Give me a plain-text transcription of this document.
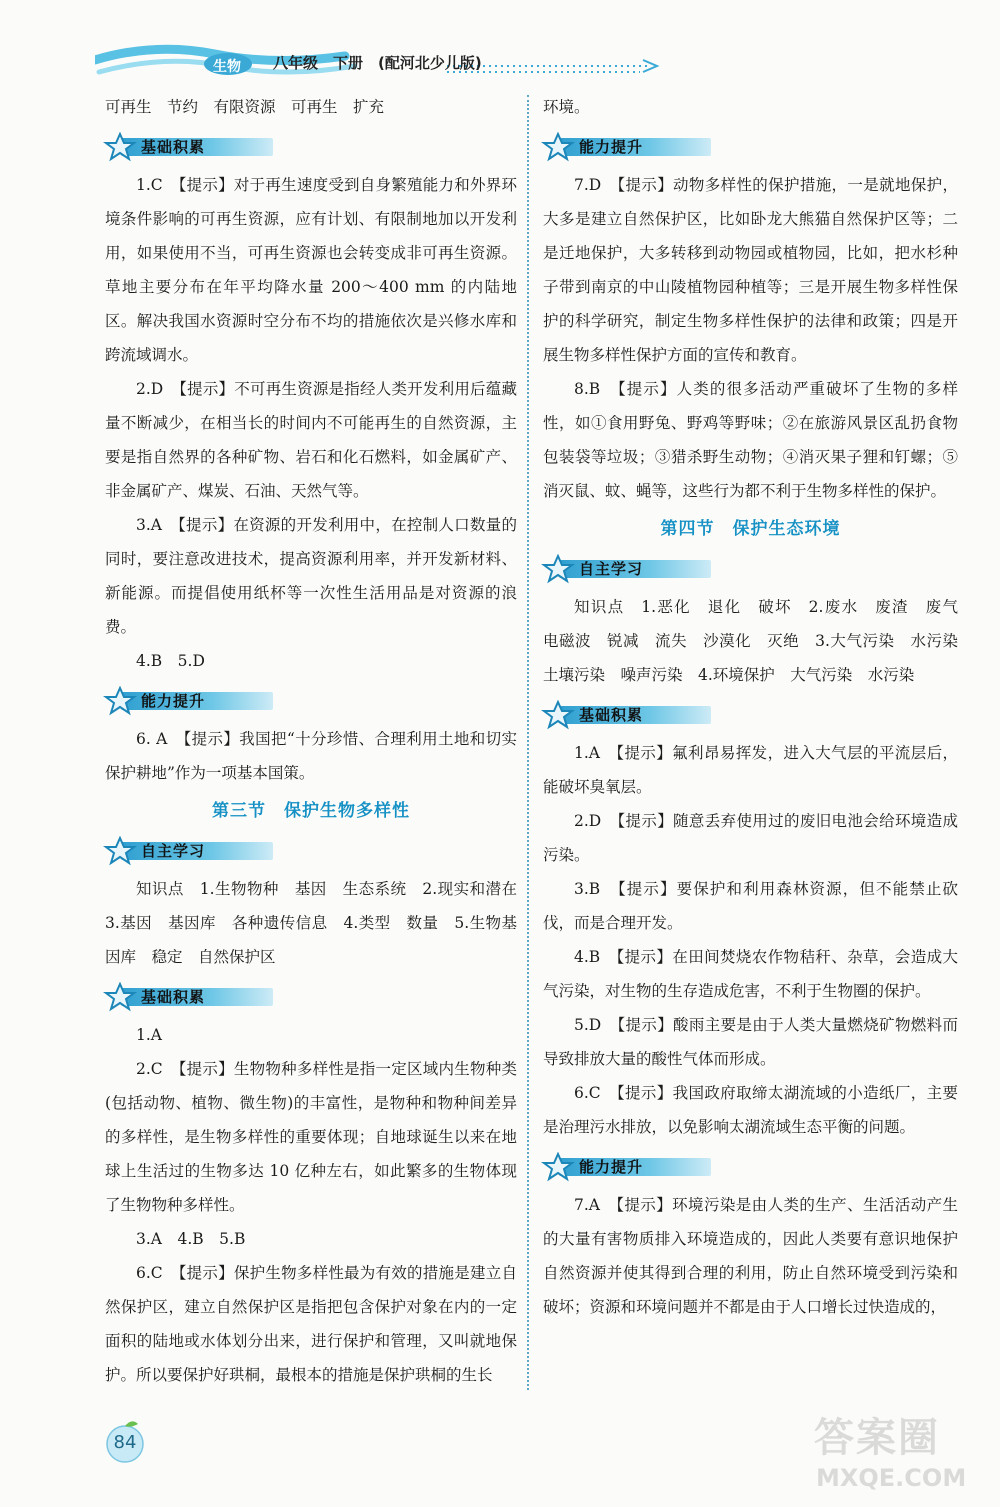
生物 八年级　下册　(配河北少儿版)

可再生　节约　有限资源　可再生　扩充

基础积累

1.C　【提示】对于再生速度受到自身繁殖能力和外界环境条件影响的可再生资源，应有计划、有限制地加以开发利用，如果使用不当，可再生资源也会转变成非可再生资源。草地主要分布在年平均降水量 200～400 mm 的内陆地区。解决我国水资源时空分布不均的措施依次是兴修水库和跨流域调水。

2.D　【提示】不可再生资源是指经人类开发利用后蕴藏量不断减少，在相当长的时间内不可能再生的自然资源，主要是指自然界的各种矿物、岩石和化石燃料，如金属矿产、非金属矿产、煤炭、石油、天然气等。

3.A　【提示】在资源的开发利用中，在控制人口数量的同时，要注意改进技术，提高资源利用率，并开发新材料、新能源。而提倡使用纸杯等一次性生活用品是对资源的浪费。

4.B　5.D

能力提升

6. A　【提示】我国把“十分珍惜、合理利用土地和切实保护耕地”作为一项基本国策。

第三节　保护生物多样性
自主学习

知识点　1.生物物种　基因　生态系统　2.现实和潜在　3.基因　基因库　各种遗传信息　4.类型　数量　5.生物基因库　稳定　自然保护区

基础积累

1.A

2.C　【提示】生物物种多样性是指一定区域内生物种类(包括动物、植物、微生物)的丰富性，是物种和物种间差异的多样性，是生物多样性的重要体现；自地球诞生以来在地球上生活过的生物多达 10 亿种左右，如此繁多的生物体现了生物物种多样性。

3.A　4.B　5.B

6.C　【提示】保护生物多样性最为有效的措施是建立自然保护区，建立自然保护区是指把包含保护对象在内的一定面积的陆地或水体划分出来，进行保护和管理，又叫就地保护。所以要保护好珙桐，最根本的措施是保护珙桐的生长

环境。

能力提升

7.D　【提示】动物多样性的保护措施，一是就地保护，大多是建立自然保护区，比如卧龙大熊猫自然保护区等；二是迁地保护，大多转移到动物园或植物园，比如，把水杉种子带到南京的中山陵植物园种植等；三是开展生物多样性保护的科学研究，制定生物多样性保护的法律和政策；四是开展生物多样性保护方面的宣传和教育。

8.B　【提示】人类的很多活动严重破坏了生物的多样性，如①食用野兔、野鸡等野味；②在旅游风景区乱扔食物包装袋等垃圾；③猎杀野生动物；④消灭果子狸和钉螺；⑤消灭鼠、蚊、蝇等，这些行为都不利于生物多样性的保护。

第四节　保护生态环境
自主学习

知识点　1.恶化　退化　破坏　2.废水　废渣　废气　电磁波　锐减　流失　沙漠化　灭绝　3.大气污染　水污染　土壤污染　噪声污染　4.环境保护　大气污染　水污染

基础积累

1.A　【提示】氟利昂易挥发，进入大气层的平流层后，能破坏臭氧层。

2.D　【提示】随意丢弃使用过的废旧电池会给环境造成污染。

3.B　【提示】要保护和利用森林资源，但不能禁止砍伐，而是合理开发。

4.B　【提示】在田间焚烧农作物秸秆、杂草，会造成大气污染，对生物的生存造成危害，不利于生物圈的保护。

5.D　【提示】酸雨主要是由于人类大量燃烧矿物燃料而导致排放大量的酸性气体而形成。

6.C　【提示】我国政府取缔太湖流域的小造纸厂，主要是治理污水排放，以免影响太湖流域生态平衡的问题。

能力提升

7.A　【提示】环境污染是由人类的生产、生活活动产生的大量有害物质排入环境造成的，因此人类要有意识地保护自然资源并使其得到合理的利用，防止自然环境受到污染和破坏；资源和环境问题并不都是由于人口增长过快造成的，

84	答案圈
MXQE.COM
